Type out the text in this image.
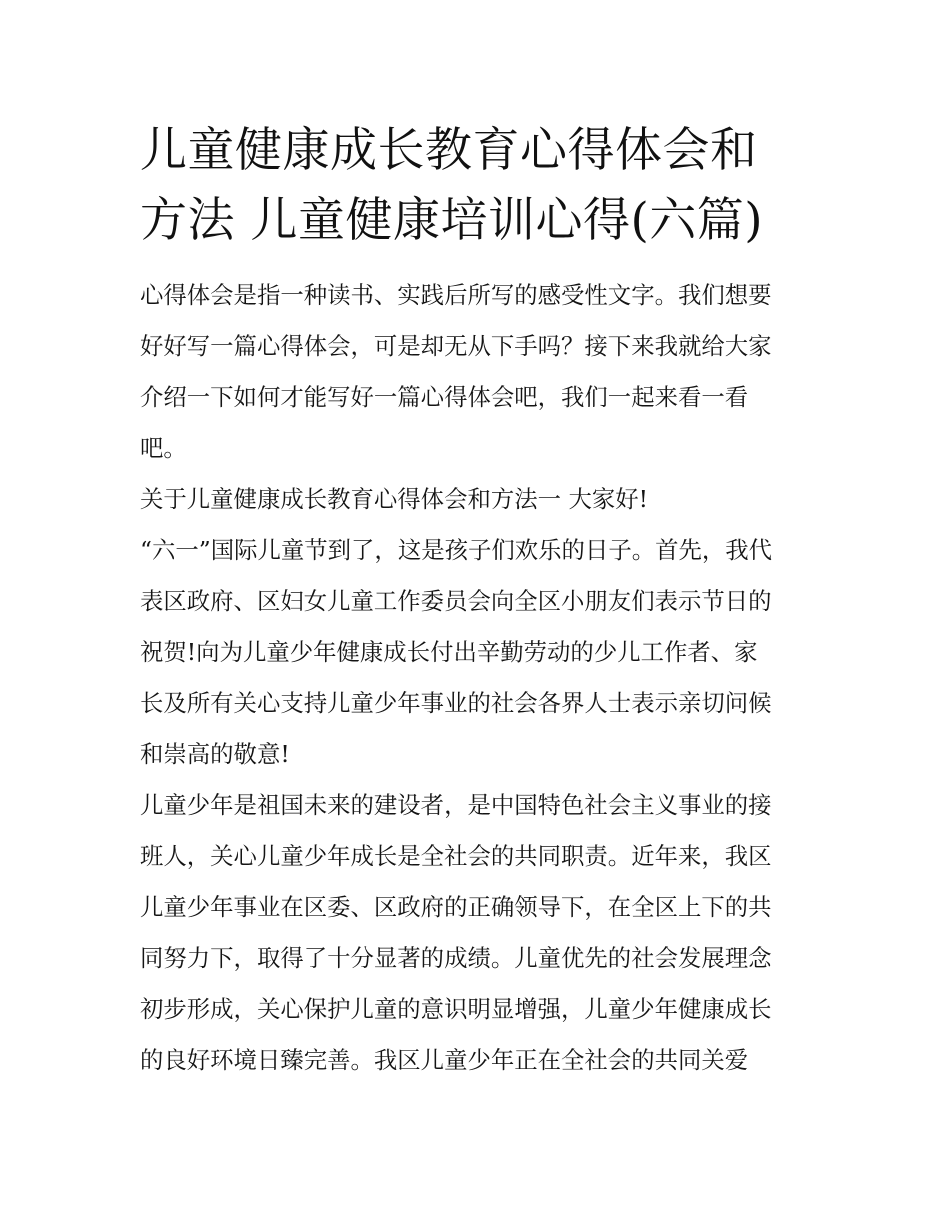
儿童健康成长教育心得体会和
方法 儿童健康培训心得(六篇)

心得体会是指一种读书、实践后所写的感受性文字。我们想要
好好写一篇心得体会，可是却无从下手吗？接下来我就给大家
介绍一下如何才能写好一篇心得体会吧，我们一起来看一看
吧。

关于儿童健康成长教育心得体会和方法一 大家好!

“六一”国际儿童节到了，这是孩子们欢乐的日子。首先，我代
表区政府、区妇女儿童工作委员会向全区小朋友们表示节日的
祝贺!向为儿童少年健康成长付出辛勤劳动的少儿工作者、家
长及所有关心支持儿童少年事业的社会各界人士表示亲切问候
和崇高的敬意!

儿童少年是祖国未来的建设者，是中国特色社会主义事业的接
班人，关心儿童少年成长是全社会的共同职责。近年来，我区
儿童少年事业在区委、区政府的正确领导下，在全区上下的共
同努力下，取得了十分显著的成绩。儿童优先的社会发展理念
初步形成，关心保护儿童的意识明显增强，儿童少年健康成长
的良好环境日臻完善。我区儿童少年正在全社会的共同关爱
